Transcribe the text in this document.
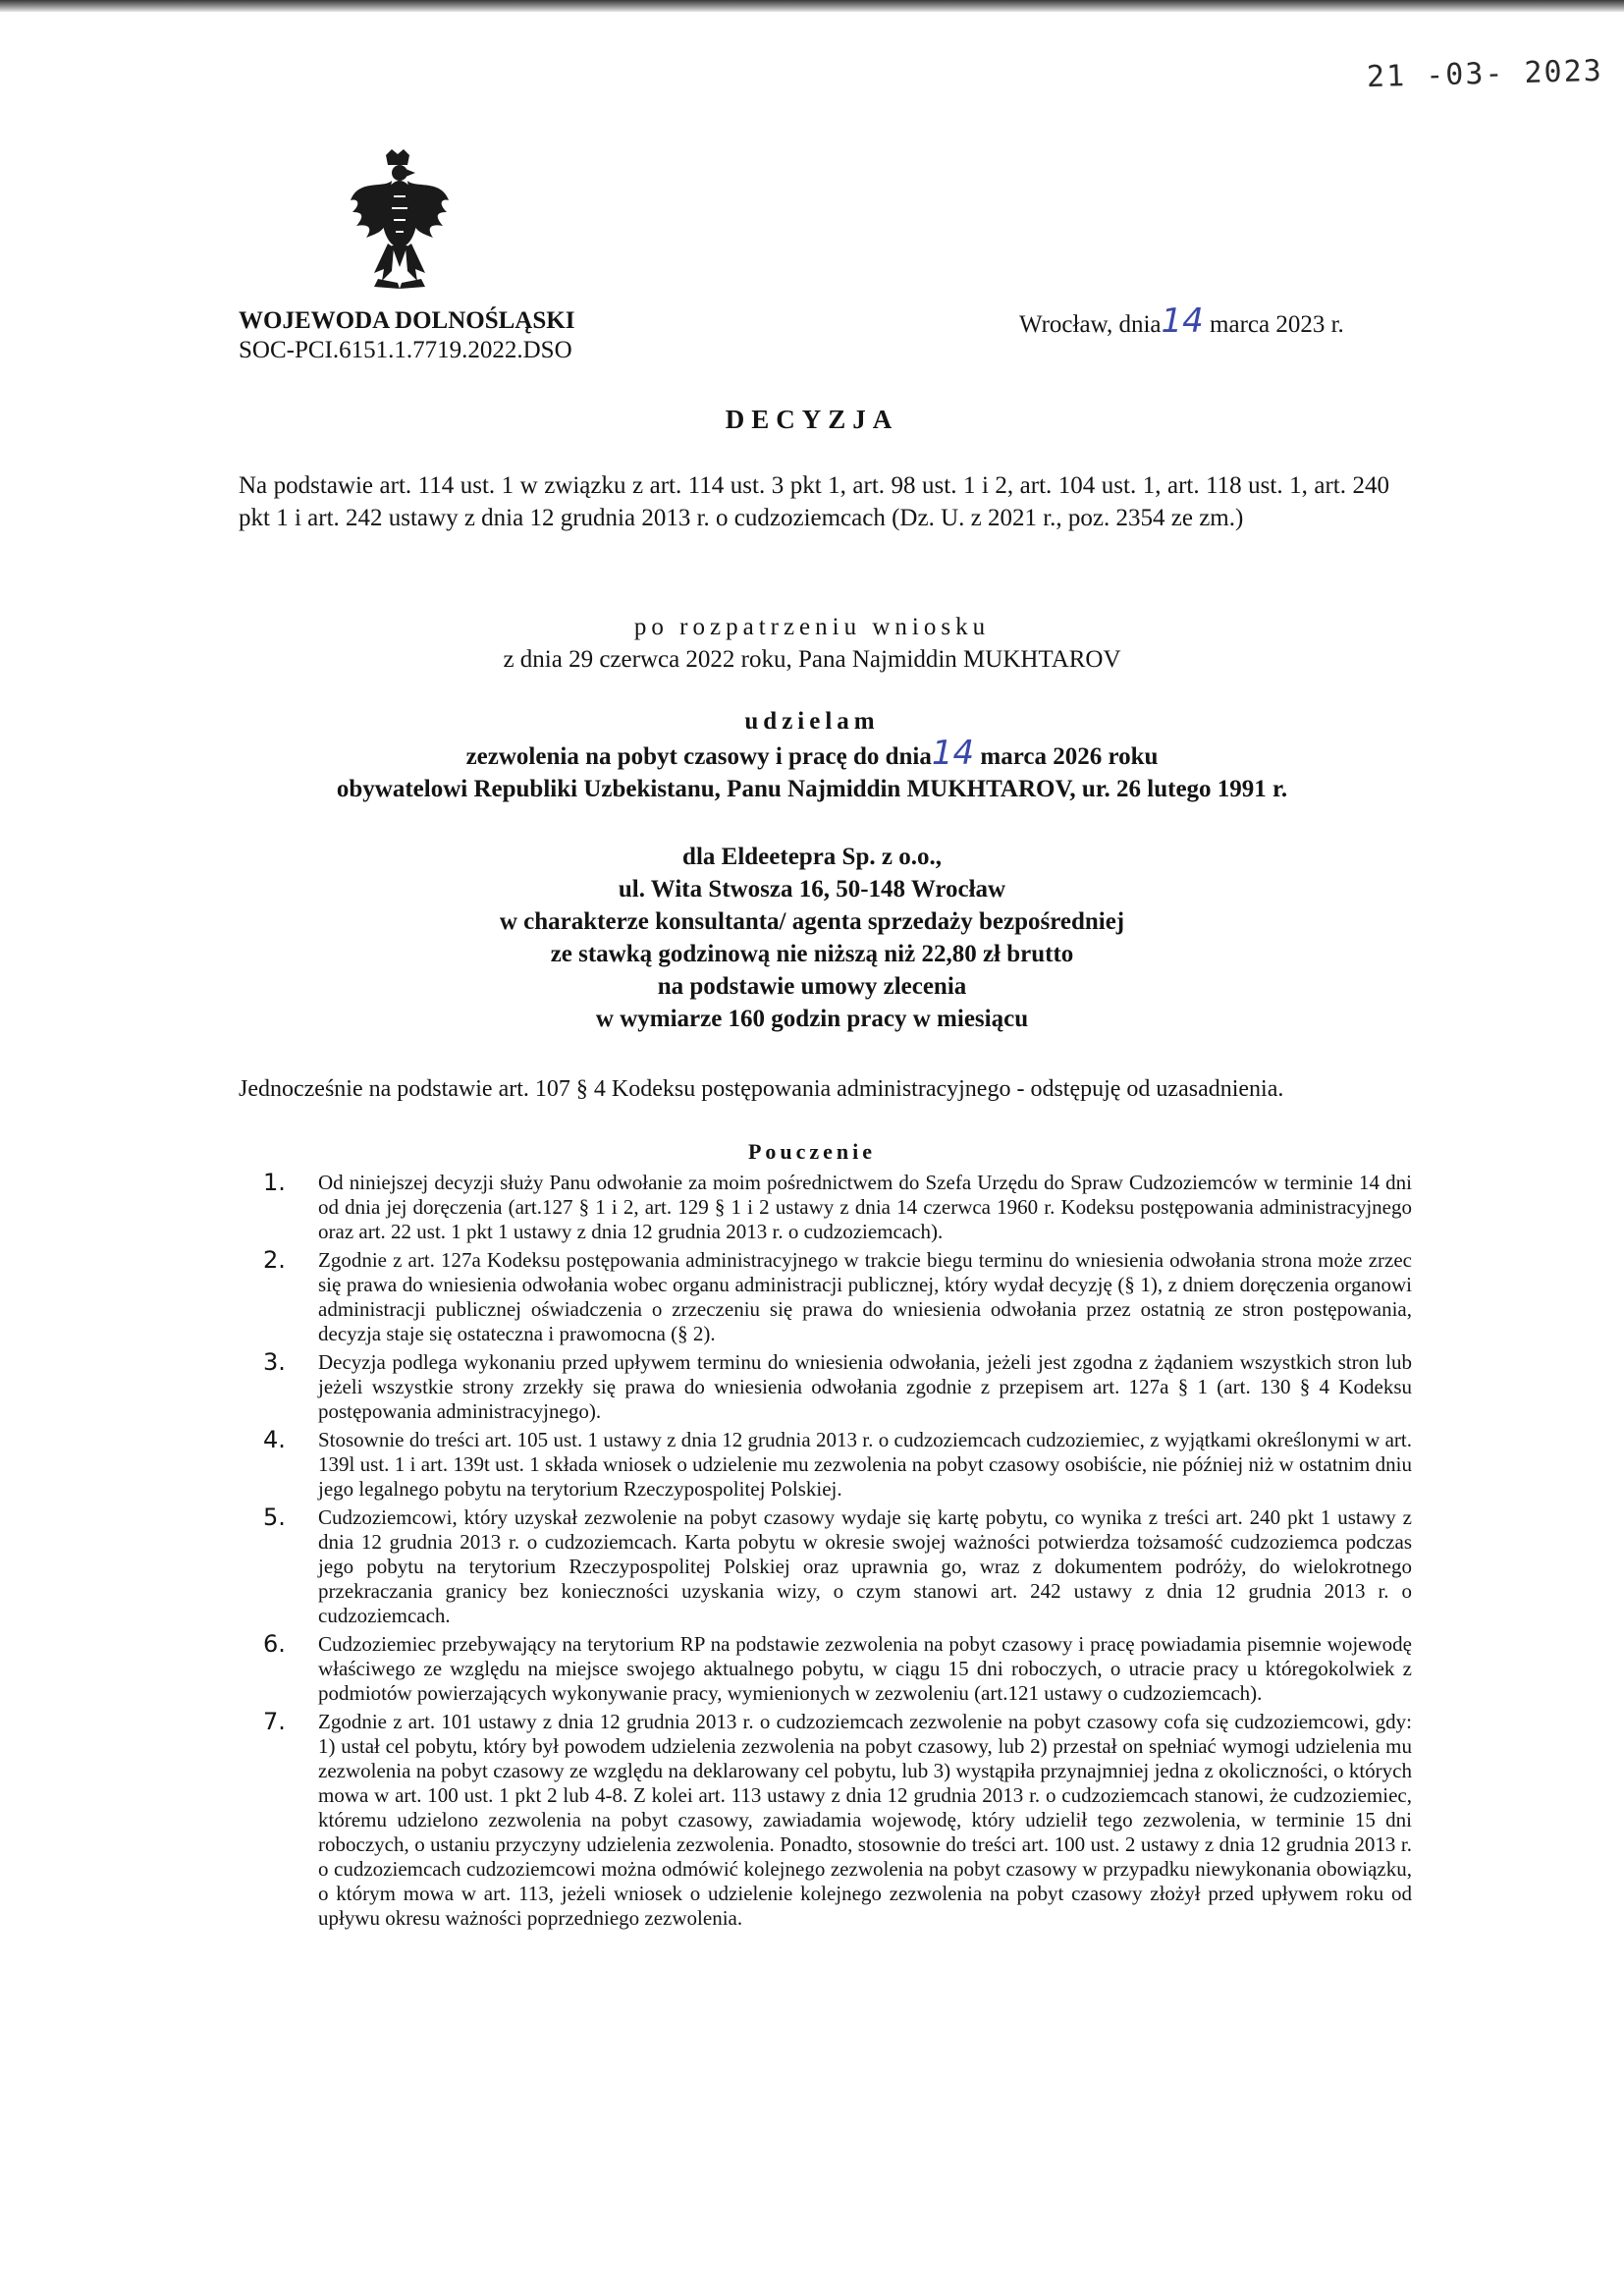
21 -03- 2023
WOJEWODA DOLNOŚLĄSKI
SOC-PCI.6151.1.7719.2022.DSO
Wrocław, dnia14 marca 2023 r.
DECYZJA
Na podstawie art. 114 ust. 1 w związku z art. 114 ust. 3 pkt 1, art. 98 ust. 1 i 2, art. 104 ust. 1, art. 118 ust. 1, art. 240 pkt 1 i art. 242 ustawy z dnia 12 grudnia 2013 r. o cudzoziemcach (Dz. U. z 2021 r., poz. 2354 ze zm.)
po rozpatrzeniu wniosku
z dnia 29 czerwca 2022 roku, Pana Najmiddin MUKHTAROV
udzielam
zezwolenia na pobyt czasowy i pracę do dnia14 marca 2026 roku
obywatelowi Republiki Uzbekistanu, Panu Najmiddin MUKHTAROV, ur. 26 lutego 1991 r.
dla Eldeetepra Sp. z o.o.,
ul. Wita Stwosza 16, 50-148 Wrocław
w charakterze konsultanta/ agenta sprzedaży bezpośredniej
ze stawką godzinową nie niższą niż 22,80 zł brutto
na podstawie umowy zlecenia
w wymiarze 160 godzin pracy w miesiącu
Jednocześnie na podstawie art. 107 § 4 Kodeksu postępowania administracyjnego - odstępuję od uzasadnienia.
Pouczenie
1. Od niniejszej decyzji służy Panu odwołanie za moim pośrednictwem do Szefa Urzędu do Spraw Cudzoziemców w terminie 14 dni od dnia jej doręczenia (art.127 § 1 i 2, art. 129 § 1 i 2 ustawy z dnia 14 czerwca 1960 r. Kodeksu postępowania administracyjnego oraz art. 22 ust. 1 pkt 1 ustawy z dnia 12 grudnia 2013 r. o cudzoziemcach).
2. Zgodnie z art. 127a Kodeksu postępowania administracyjnego w trakcie biegu terminu do wniesienia odwołania strona może zrzec się prawa do wniesienia odwołania wobec organu administracji publicznej, który wydał decyzję (§ 1), z dniem doręczenia organowi administracji publicznej oświadczenia o zrzeczeniu się prawa do wniesienia odwołania przez ostatnią ze stron postępowania, decyzja staje się ostateczna i prawomocna (§ 2).
3. Decyzja podlega wykonaniu przed upływem terminu do wniesienia odwołania, jeżeli jest zgodna z żądaniem wszystkich stron lub jeżeli wszystkie strony zrzekły się prawa do wniesienia odwołania zgodnie z przepisem art. 127a § 1 (art. 130 § 4 Kodeksu postępowania administracyjnego).
4. Stosownie do treści art. 105 ust. 1 ustawy z dnia 12 grudnia 2013 r. o cudzoziemcach cudzoziemiec, z wyjątkami określonymi w art. 139l ust. 1 i art. 139t ust. 1 składa wniosek o udzielenie mu zezwolenia na pobyt czasowy osobiście, nie później niż w ostatnim dniu jego legalnego pobytu na terytorium Rzeczypospolitej Polskiej.
5. Cudzoziemcowi, który uzyskał zezwolenie na pobyt czasowy wydaje się kartę pobytu, co wynika z treści art. 240 pkt 1 ustawy z dnia 12 grudnia 2013 r. o cudzoziemcach. Karta pobytu w okresie swojej ważności potwierdza tożsamość cudzoziemca podczas jego pobytu na terytorium Rzeczypospolitej Polskiej oraz uprawnia go, wraz z dokumentem podróży, do wielokrotnego przekraczania granicy bez konieczności uzyskania wizy, o czym stanowi art. 242 ustawy z dnia 12 grudnia 2013 r. o cudzoziemcach.
6. Cudzoziemiec przebywający na terytorium RP na podstawie zezwolenia na pobyt czasowy i pracę powiadamia pisemnie wojewodę właściwego ze względu na miejsce swojego aktualnego pobytu, w ciągu 15 dni roboczych, o utracie pracy u któregokolwiek z podmiotów powierzających wykonywanie pracy, wymienionych w zezwoleniu (art.121 ustawy o cudzoziemcach).
7. Zgodnie z art. 101 ustawy z dnia 12 grudnia 2013 r. o cudzoziemcach zezwolenie na pobyt czasowy cofa się cudzoziemcowi, gdy: 1) ustał cel pobytu, który był powodem udzielenia zezwolenia na pobyt czasowy, lub 2) przestał on spełniać wymogi udzielenia mu zezwolenia na pobyt czasowy ze względu na deklarowany cel pobytu, lub 3) wystąpiła przynajmniej jedna z okoliczności, o których mowa w art. 100 ust. 1 pkt 2 lub 4-8. Z kolei art. 113 ustawy z dnia 12 grudnia 2013 r. o cudzoziemcach stanowi, że cudzoziemiec, któremu udzielono zezwolenia na pobyt czasowy, zawiadamia wojewodę, który udzielił tego zezwolenia, w terminie 15 dni roboczych, o ustaniu przyczyny udzielenia zezwolenia. Ponadto, stosownie do treści art. 100 ust. 2 ustawy z dnia 12 grudnia 2013 r. o cudzoziemcach cudzoziemcowi można odmówić kolejnego zezwolenia na pobyt czasowy w przypadku niewykonania obowiązku, o którym mowa w art. 113, jeżeli wniosek o udzielenie kolejnego zezwolenia na pobyt czasowy złożył przed upływem roku od upływu okresu ważności poprzedniego zezwolenia.
